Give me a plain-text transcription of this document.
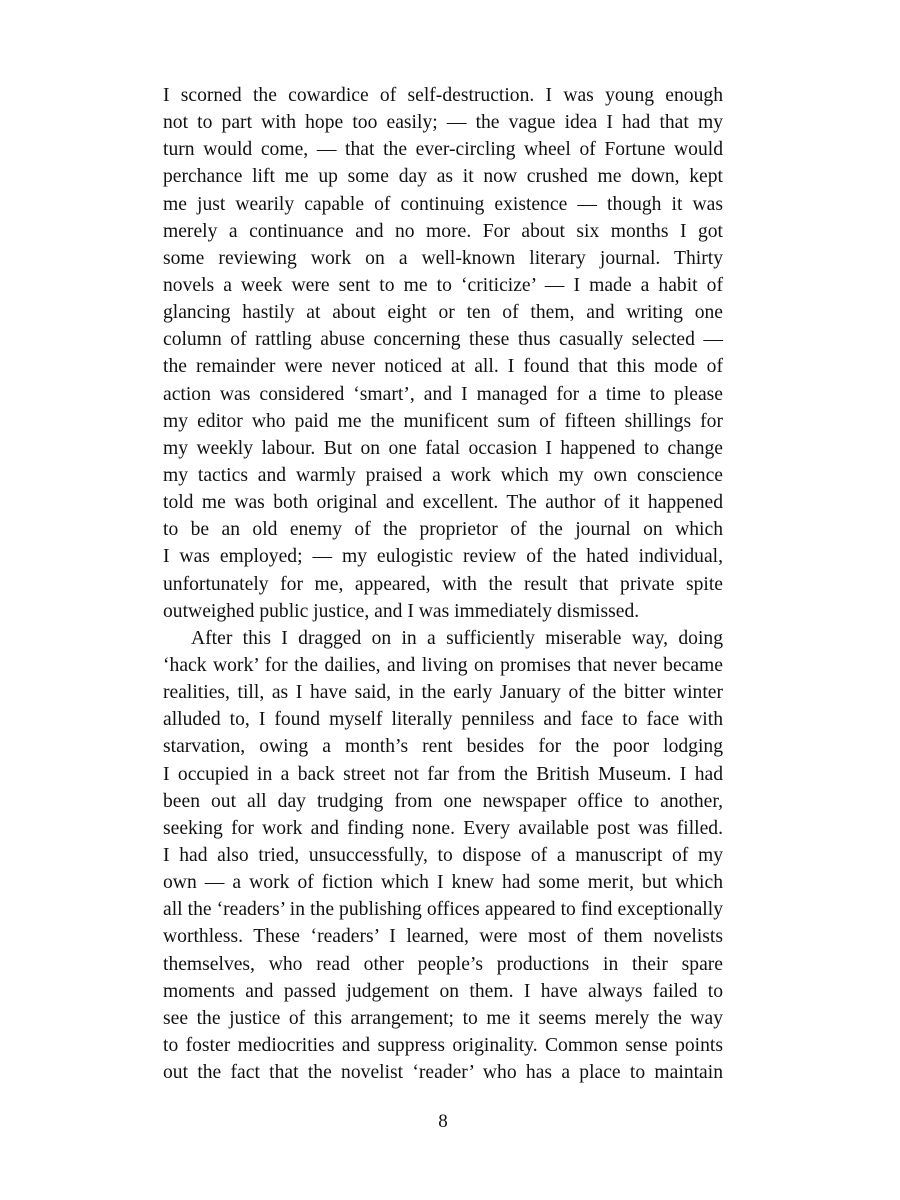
I scorned the cowardice of self-destruction. I was young enough
not to part with hope too easily; — the vague idea I had that my
turn would come, — that the ever-circling wheel of Fortune would
perchance lift me up some day as it now crushed me down, kept
me just wearily capable of continuing existence — though it was
merely a continuance and no more. For about six months I got
some reviewing work on a well-known literary journal. Thirty
novels a week were sent to me to ‘criticize’ — I made a habit of
glancing hastily at about eight or ten of them, and writing one
column of rattling abuse concerning these thus casually selected —
the remainder were never noticed at all. I found that this mode of
action was considered ‘smart’, and I managed for a time to please
my editor who paid me the munificent sum of fifteen shillings for
my weekly labour. But on one fatal occasion I happened to change
my tactics and warmly praised a work which my own conscience
told me was both original and excellent. The author of it happened
to be an old enemy of the proprietor of the journal on which
I was employed; — my eulogistic review of the hated individual,
unfortunately for me, appeared, with the result that private spite
outweighed public justice, and I was immediately dismissed.
After this I dragged on in a sufficiently miserable way, doing
‘hack work’ for the dailies, and living on promises that never became
realities, till, as I have said, in the early January of the bitter winter
alluded to, I found myself literally penniless and face to face with
starvation, owing a month’s rent besides for the poor lodging
I occupied in a back street not far from the British Museum. I had
been out all day trudging from one newspaper office to another,
seeking for work and finding none. Every available post was filled.
I had also tried, unsuccessfully, to dispose of a manuscript of my
own — a work of fiction which I knew had some merit, but which
all the ‘readers’ in the publishing offices appeared to find exceptionally
worthless. These ‘readers’ I learned, were most of them novelists
themselves, who read other people’s productions in their spare
moments and passed judgement on them. I have always failed to
see the justice of this arrangement; to me it seems merely the way
to foster mediocrities and suppress originality. Common sense points
out the fact that the novelist ‘reader’ who has a place to maintain
8
